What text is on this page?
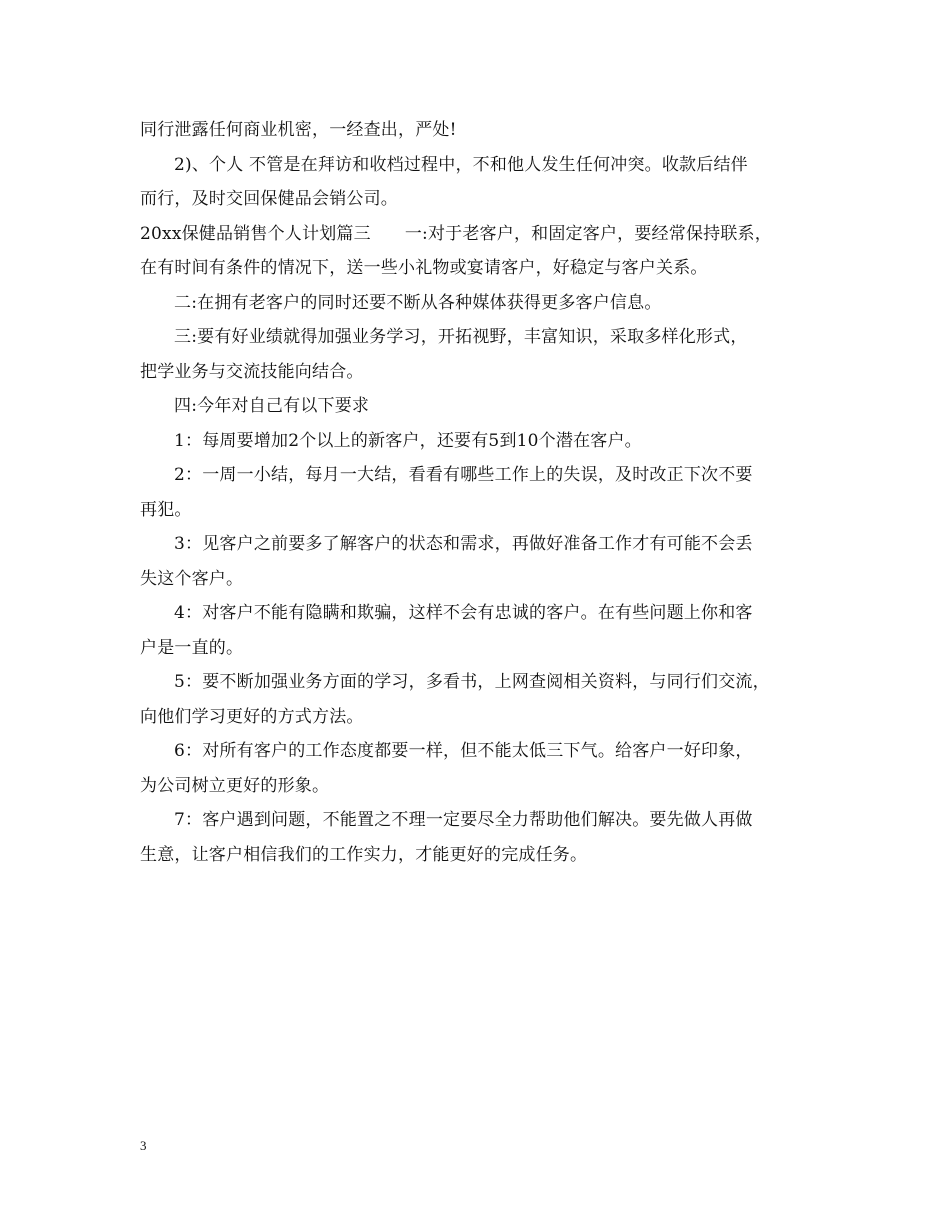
同行泄露任何商业机密，一经查出，严处!
2)、个人 不管是在拜访和收档过程中，不和他人发生任何冲突。收款后结伴
而行，及时交回保健品会销公司。
20xx保健品销售个人计划篇三 一:对于老客户，和固定客户，要经常保持联系，
在有时间有条件的情况下，送一些小礼物或宴请客户，好稳定与客户关系。
二:在拥有老客户的同时还要不断从各种媒体获得更多客户信息。
三:要有好业绩就得加强业务学习，开拓视野，丰富知识，采取多样化形式，
把学业务与交流技能向结合。
四:今年对自己有以下要求
1：每周要增加2个以上的新客户，还要有5到10个潜在客户。
2：一周一小结，每月一大结，看看有哪些工作上的失误，及时改正下次不要
再犯。
3：见客户之前要多了解客户的状态和需求，再做好准备工作才有可能不会丢
失这个客户。
4：对客户不能有隐瞒和欺骗，这样不会有忠诚的客户。在有些问题上你和客
户是一直的。
5：要不断加强业务方面的学习，多看书，上网查阅相关资料，与同行们交流，
向他们学习更好的方式方法。
6：对所有客户的工作态度都要一样，但不能太低三下气。给客户一好印象，
为公司树立更好的形象。
7：客户遇到问题，不能置之不理一定要尽全力帮助他们解决。要先做人再做
生意，让客户相信我们的工作实力，才能更好的完成任务。
3
